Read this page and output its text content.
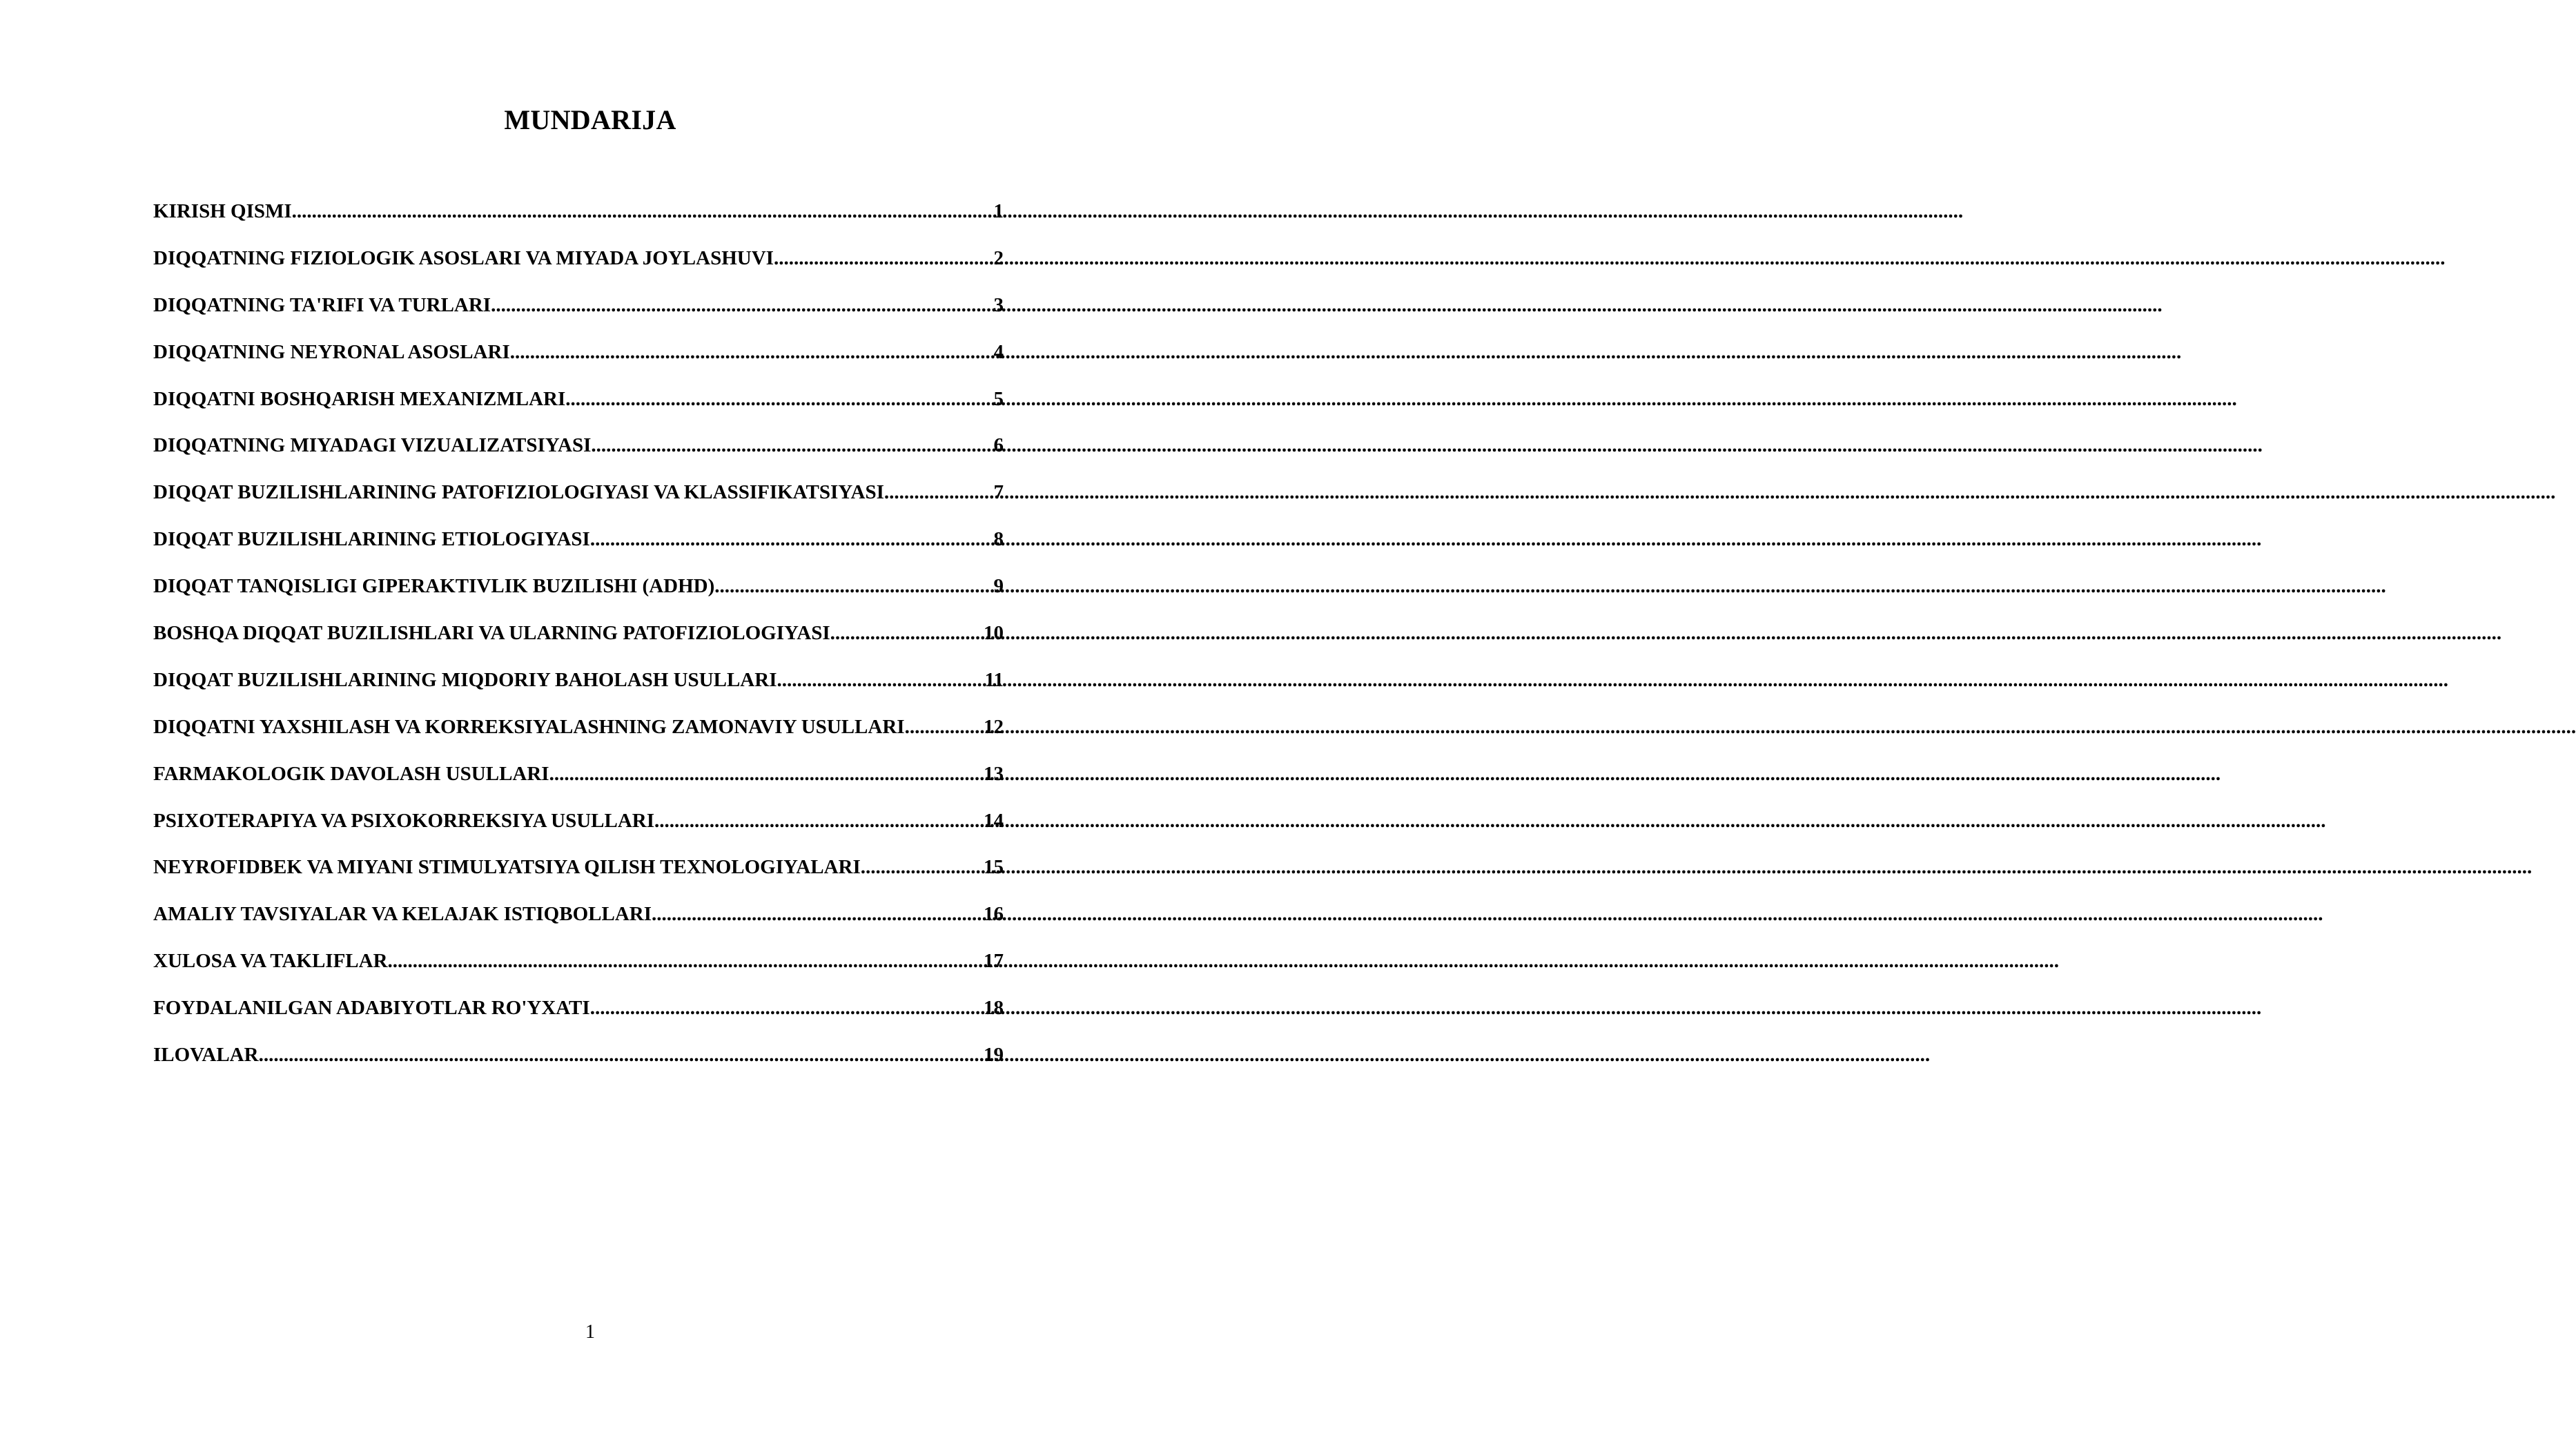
MUNDARIJA
KIRISH QISMI .....	1
DIQQATNING FIZIOLOGIK ASOSLARI VA MIYADA JOYLASHUVI .....	2
DIQQATNING TA'RIFI VA TURLARI .....	3
DIQQATNING NEYRONAL ASOSLARI .....	4
DIQQATNI BOSHQARISH MEXANIZMLARI .....	5
DIQQATNING MIYADAGI VIZUALIZATSIYASI .....	6
DIQQAT BUZILISHLARINING PATOFIZIOLOGIYASI VA KLASSIFIKATSIYASI .....	7
DIQQAT BUZILISHLARINING ETIOLOGIYASI .....	8
DIQQAT TANQISLIGI GIPERAKTIVLIK BUZILISHI (ADHD) .....	9
BOSHQA DIQQAT BUZILISHLARI VA ULARNING PATOFIZIOLOGIYASI .....	10
DIQQAT BUZILISHLARINING MIQDORIY BAHOLASH USULLARI .....	11
DIQQATNI YAXSHILASH VA KORREKSIYALASHNING ZAMONAVIY USULLARI .....	12
FARMAKOLOGIK DAVOLASH USULLARI .....	13
PSIXOTERAPIYA VA PSIXOKORREKSIYA USULLARI .....	14
NEYROFIDBEK VA MIYANI STIMULYATSIYA QILISH TEXNOLOGIYALARI .....	15
AMALIY TAVSIYALAR VA KELAJAK ISTIQBOLLARI .....	16
XULOSA VA TAKLIFLAR .....	17
FOYDALANILGAN ADABIYOTLAR RO'YXATI .....	18
ILOVALAR .....	19
1
